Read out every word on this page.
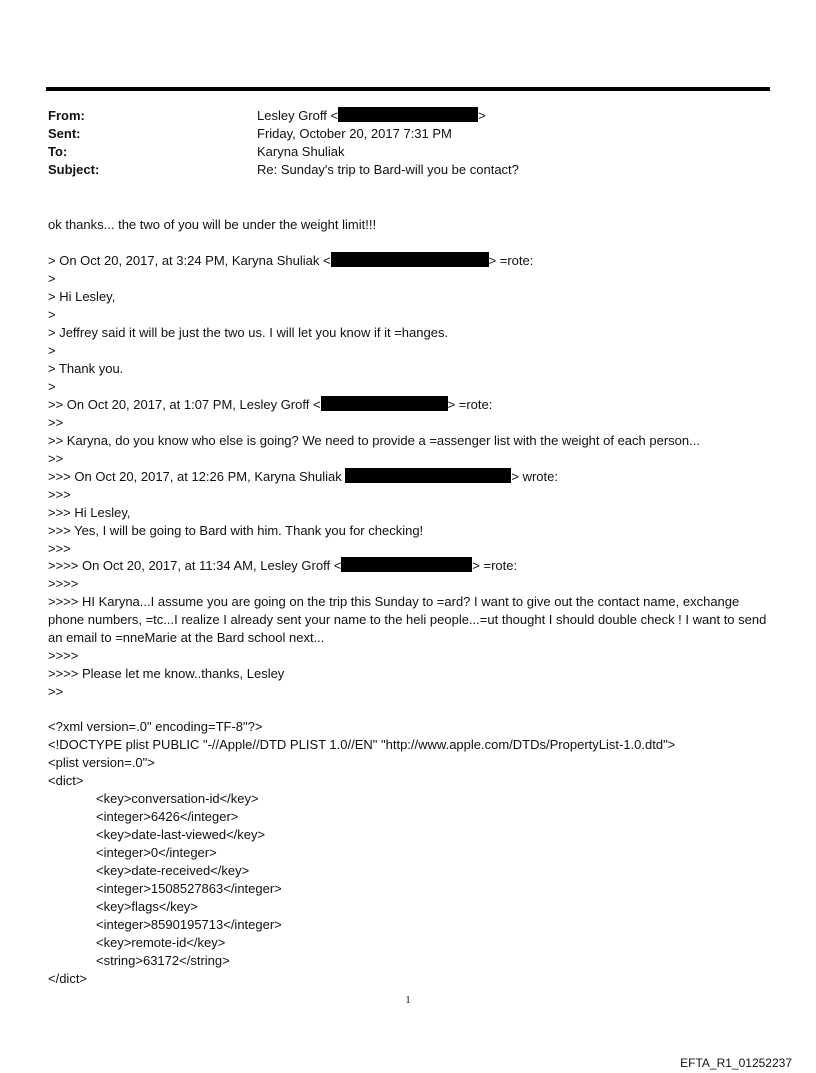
From:	Lesley Groff <	>
Sent:	Friday, October 20, 2017 7:31 PM
To:	Karyna Shuliak
Subject:	Re: Sunday's trip to Bard-will you be contact?
ok thanks... the two of you will be under the weight limit!!!
> On Oct 20, 2017, at 3:24 PM, Karyna Shuliak <	> =rote:
>
> Hi Lesley,
>
> Jeffrey said it will be just the two us. I will let you know if it =hanges.
>
> Thank you.
>
>> On Oct 20, 2017, at 1:07 PM, Lesley Groff <	> =rote:
>>
>> Karyna, do you know who else is going? We need to provide a =assenger list with the weight of each person...
>>
>>> On Oct 20, 2017, at 12:26 PM, Karyna Shuliak	> wrote:
>>>
>>> Hi Lesley,
>>> Yes, I will be going to Bard with him. Thank you for checking!
>>>
>>>> On Oct 20, 2017, at 11:34 AM, Lesley Groff <	> =rote:
>>>>
>>>> HI Karyna...I assume you are going on the trip this Sunday to =ard? I want to give out the contact name, exchange phone numbers, =tc...I realize I already sent your name to the heli people...=ut thought I should double check ! I want to send an email to =nneMarie at the Bard school next...
>>>>
>>>> Please let me know..thanks, Lesley
>>
<?xml version=.0" encoding=TF-8"?>
<!DOCTYPE plist PUBLIC "-//Apple//DTD PLIST 1.0//EN" "http://www.apple.com/DTDs/PropertyList-1.0.dtd">
<plist version=.0">
<dict>
<key>conversation-id</key>
<integer>6426</integer>
<key>date-last-viewed</key>
<integer>0</integer>
<key>date-received</key>
<integer>1508527863</integer>
<key>flags</key>
<integer>8590195713</integer>
<key>remote-id</key>
<string>63172</string>
</dict>
1
EFTA_R1_01252237
